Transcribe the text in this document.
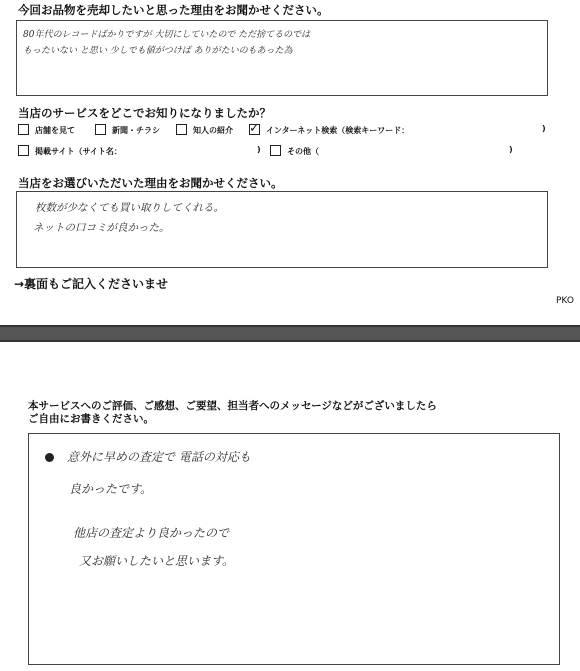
今回お品物を売却したいと思った理由をお聞かせください。
80年代のレコードばかりですが 大切にしていたので ただ捨てるのでは
もったいない と思い 少しでも値がつけば ありがたいのもあった為
当店のサービスをどこでお知りになりましたか？
店舗を見て	新聞・チラシ	知人の紹介 ✓ インターネット検索（検索キーワード：	)
掲載サイト（サイト名：	)	その他（	)
当店をお選びいただいた理由をお聞かせください。
枚数が少なくても買い取りしてくれる。
ネットの口コミが良かった。
→裏面もご記入くださいませ
PKO
本サービスへのご評価、ご感想、ご要望、担当者へのメッセージなどがございましたら
ご自由にお書きください。
意外に早めの査定で 電話の対応も
良かったです。
他店の査定より良かったので
又お願いしたいと思います。
